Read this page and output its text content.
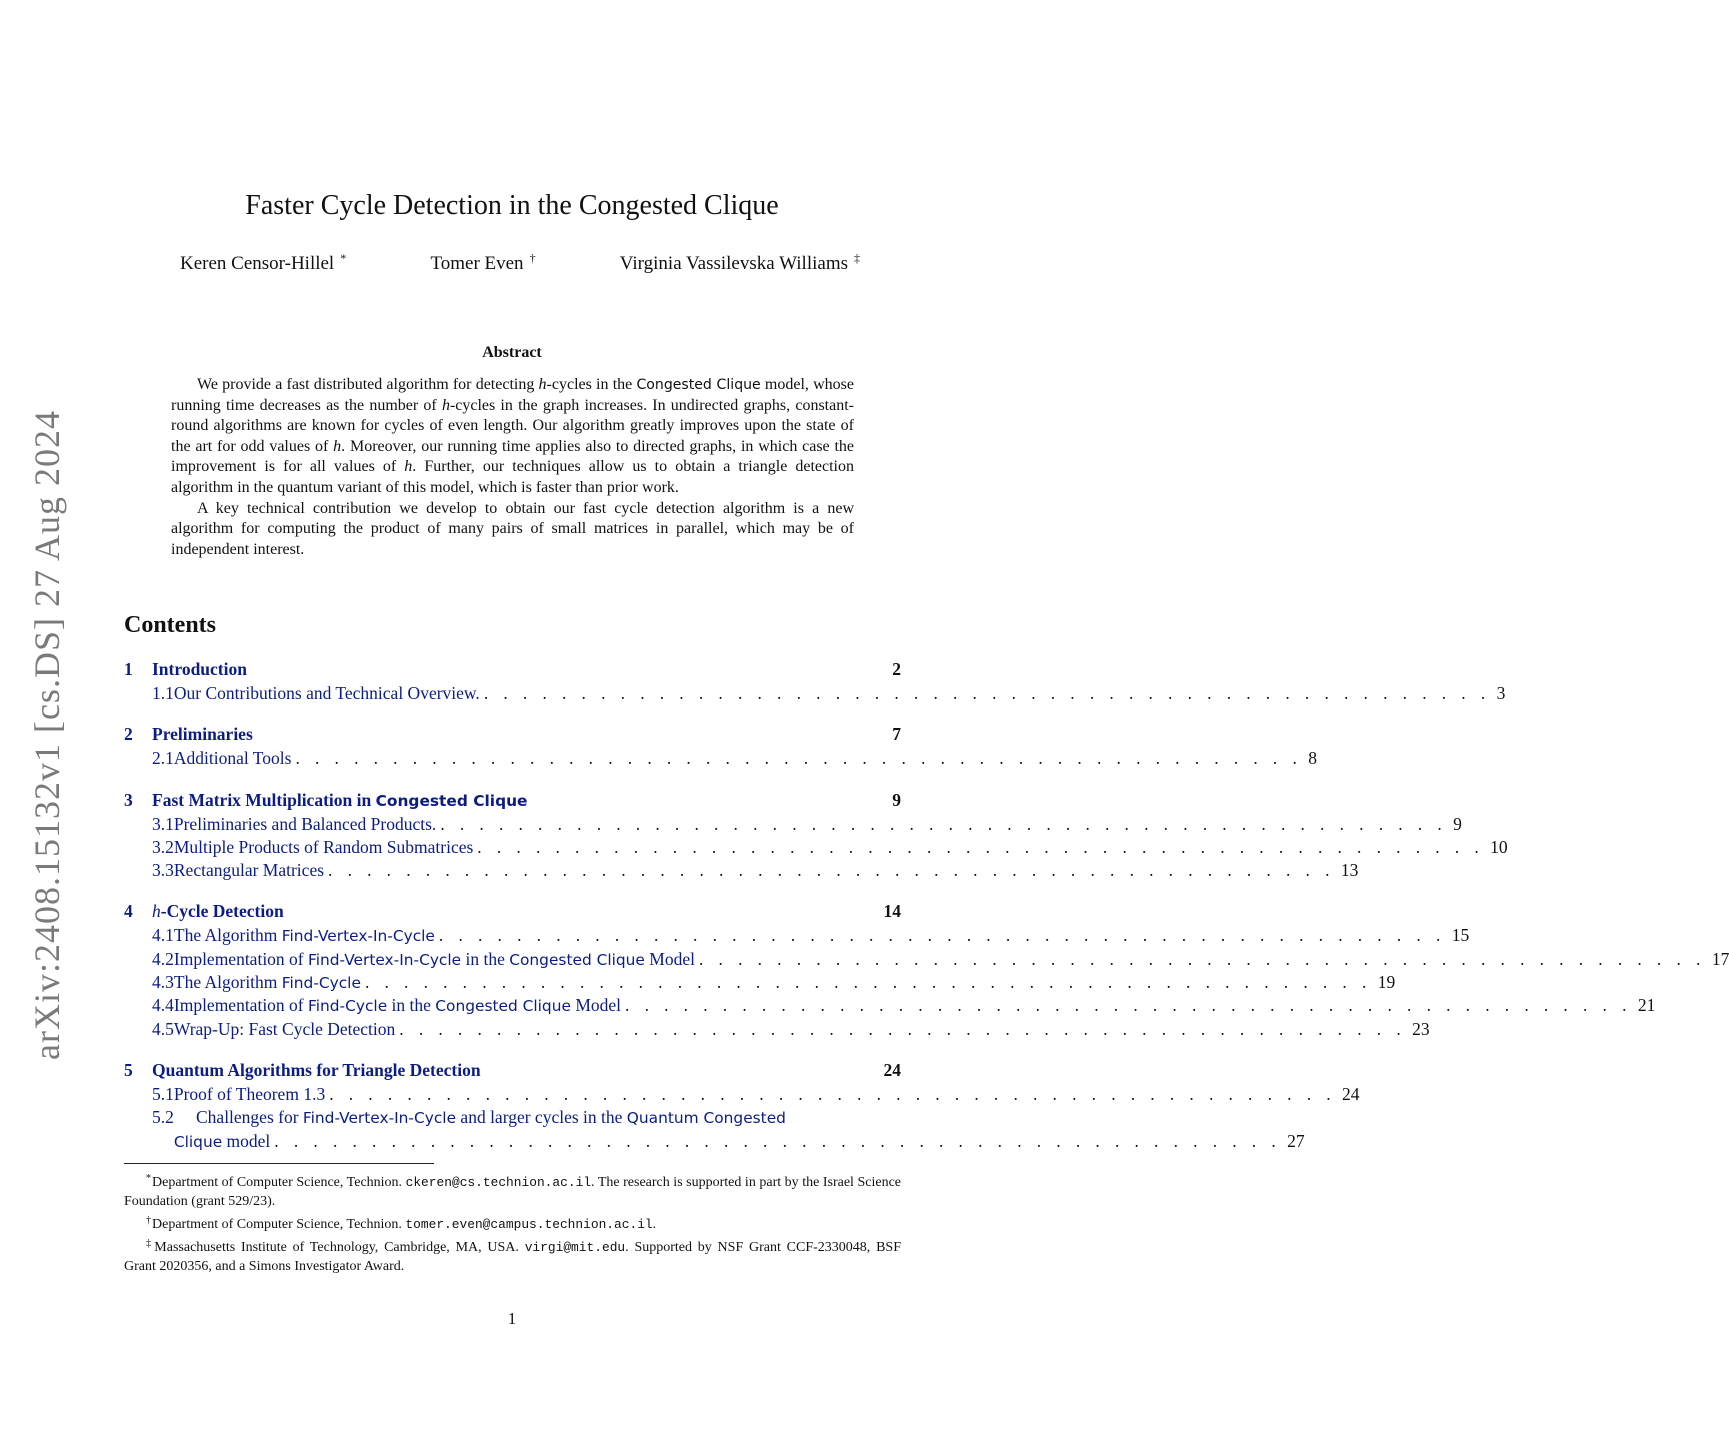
arXiv:2408.15132v1 [cs.DS] 27 Aug 2024
Faster Cycle Detection in the Congested Clique
Keren Censor-Hillel *	Tomer Even †	Virginia Vassilevska Williams ‡
Abstract

We provide a fast distributed algorithm for detecting h-cycles in the Congested Clique model, whose running time decreases as the number of h-cycles in the graph increases. In undirected graphs, constant-round algorithms are known for cycles of even length. Our algorithm greatly improves upon the state of the art for odd values of h. Moreover, our running time applies also to directed graphs, in which case the improvement is for all values of h. Further, our techniques allow us to obtain a triangle detection algorithm in the quantum variant of this model, which is faster than prior work.

A key technical contribution we develop to obtain our fast cycle detection algorithm is a new algorithm for computing the product of many pairs of small matrices in parallel, which may be of independent interest.

Contents
1	Introduction	2
1.1 Our Contributions and Technical Overview. . . . . . . . . . . . . . . . . . . . . . . . . . . . . . . . . . . . . . . . . . . . . . . . . . . . . 3
2	Preliminaries	7
2.1 Additional Tools . . . . . . . . . . . . . . . . . . . . . . . . . . . . . . . . . . . . . . . . . . . . . . . . . . . . 8
3	Fast Matrix Multiplication in Congested Clique	9
3.1 Preliminaries and Balanced Products. . . . . . . . . . . . . . . . . . . . . . . . . . . . . . . . . . . . . . . . . . . . . . . . . . . . . 9
3.2 Multiple Products of Random Submatrices . . . . . . . . . . . . . . . . . . . . . . . . . . . . . . . . . . . . . . . . . . . . . . . . . . . . 10
3.3 Rectangular Matrices . . . . . . . . . . . . . . . . . . . . . . . . . . . . . . . . . . . . . . . . . . . . . . . . . . . . 13
4	h-Cycle Detection	14
4.1 The Algorithm Find-Vertex-In-Cycle . . . . . . . . . . . . . . . . . . . . . . . . . . . . . . . . . . . . . . . . . . . . . . . . . . . . 15
4.2 Implementation of Find-Vertex-In-Cycle in the Congested Clique Model . . . . . . . . . . . . . . . . . . . . . . . . . . . . . . . . . . . . . . . . . . . . . . . . . . . . 17
4.3 The Algorithm Find-Cycle . . . . . . . . . . . . . . . . . . . . . . . . . . . . . . . . . . . . . . . . . . . . . . . . . . . . 19
4.4 Implementation of Find-Cycle in the Congested Clique Model . . . . . . . . . . . . . . . . . . . . . . . . . . . . . . . . . . . . . . . . . . . . . . . . . . . . 21
4.5 Wrap-Up: Fast Cycle Detection . . . . . . . . . . . . . . . . . . . . . . . . . . . . . . . . . . . . . . . . . . . . . . . . . . . . 23
5	Quantum Algorithms for Triangle Detection	24
5.1 Proof of Theorem 1.3 . . . . . . . . . . . . . . . . . . . . . . . . . . . . . . . . . . . . . . . . . . . . . . . . . . . . 24
5.2	Challenges for Find-Vertex-In-Cycle and larger cycles in the Quantum Congested
Clique model . . . . . . . . . . . . . . . . . . . . . . . . . . . . . . . . . . . . . . . . . . . . . . . . . . . . 27

*Department of Computer Science, Technion. ckeren@cs.technion.ac.il. The research is supported in part by the Israel Science Foundation (grant 529/23).

†Department of Computer Science, Technion. tomer.even@campus.technion.ac.il.

‡Massachusetts Institute of Technology, Cambridge, MA, USA. virgi@mit.edu. Supported by NSF Grant CCF-2330048, BSF Grant 2020356, and a Simons Investigator Award.

1
